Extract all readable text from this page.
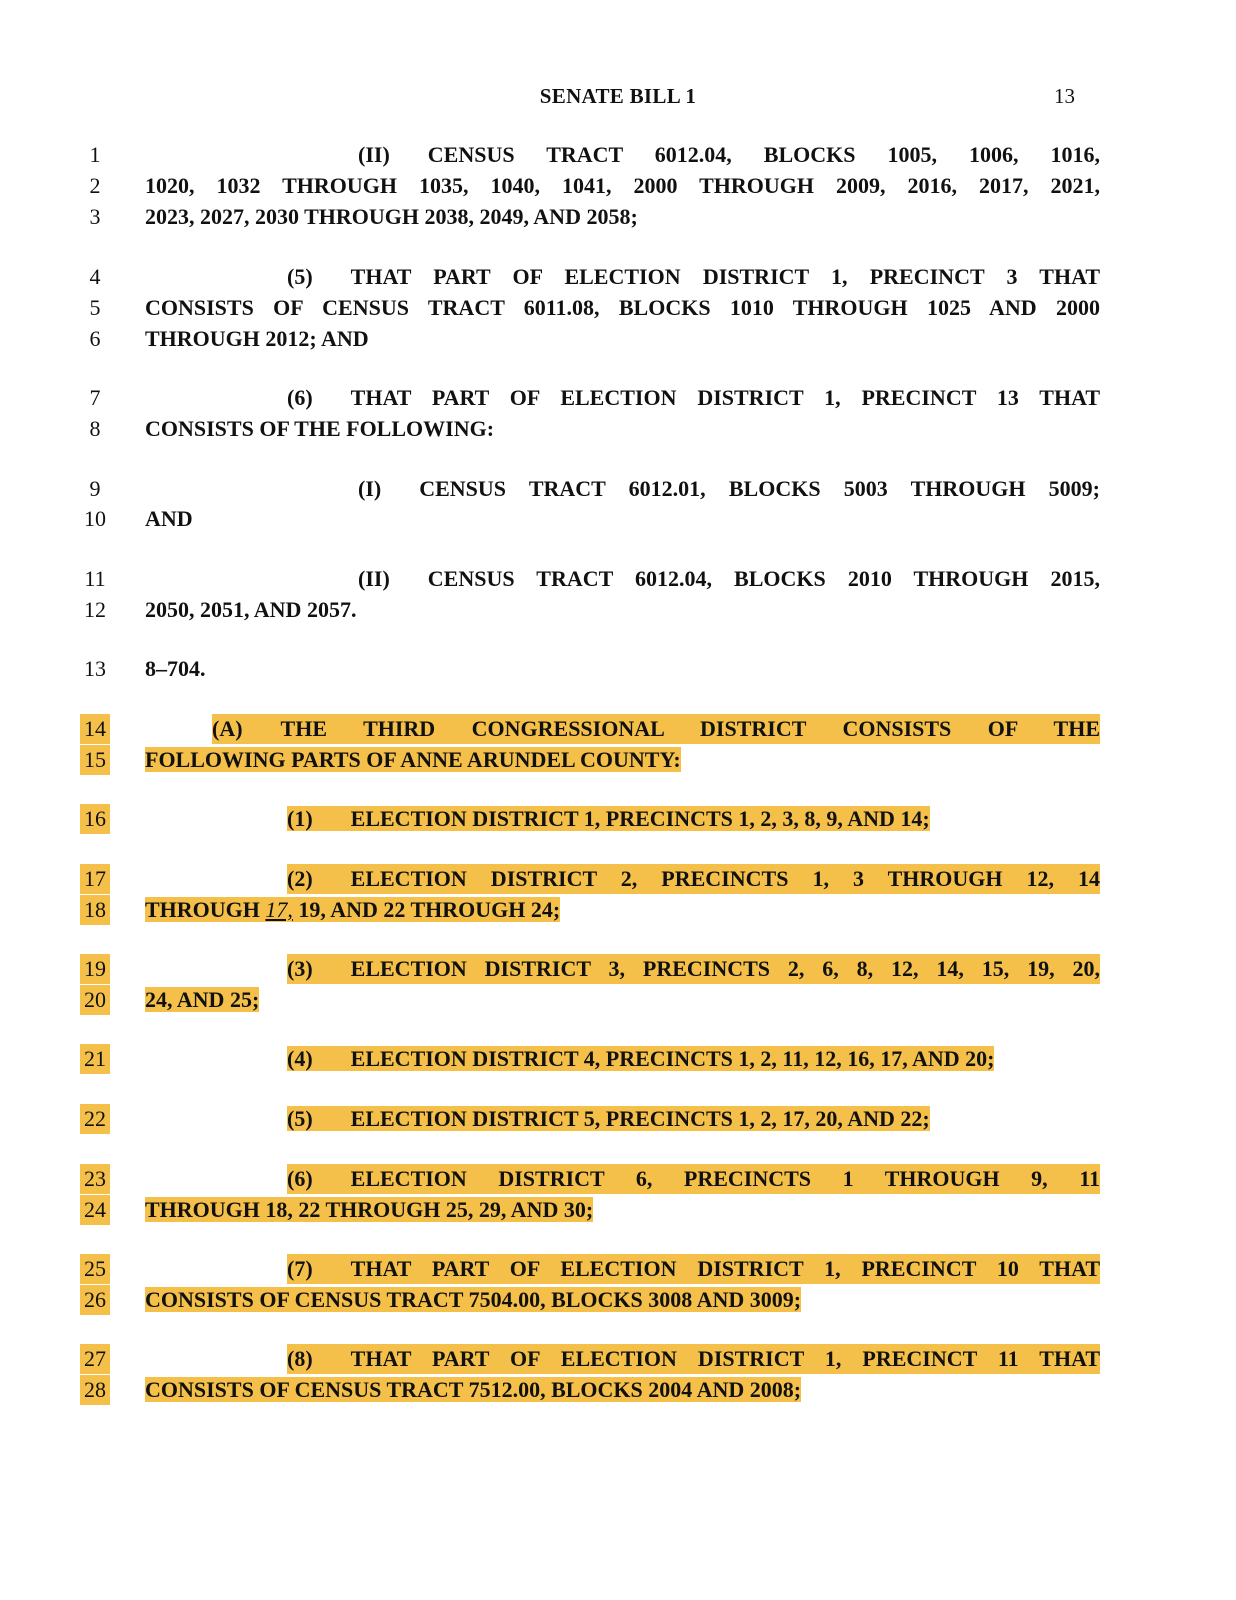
SENATE BILL 1	13
1
2
3
4
5
6
7
8
9
10
11
12
13
14
15
16
17
18
19
20
21
22
23
24
25
26
27
28
(II) CENSUS TRACT 6012.04, BLOCKS 1005, 1006, 1016,
1020, 1032 THROUGH 1035, 1040, 1041, 2000 THROUGH 2009, 2016, 2017, 2021,
2023, 2027, 2030 THROUGH 2038, 2049, AND 2058;
(5) THAT PART OF ELECTION DISTRICT 1, PRECINCT 3 THAT
CONSISTS OF CENSUS TRACT 6011.08, BLOCKS 1010 THROUGH 1025 AND 2000
THROUGH 2012; AND
(6) THAT PART OF ELECTION DISTRICT 1, PRECINCT 13 THAT
CONSISTS OF THE FOLLOWING:
(I) CENSUS TRACT 6012.01, BLOCKS 5003 THROUGH 5009;
AND
(II) CENSUS TRACT 6012.04, BLOCKS 2010 THROUGH 2015,
2050, 2051, AND 2057.
8–704.
(A) THE THIRD CONGRESSIONAL DISTRICT CONSISTS OF THE
FOLLOWING PARTS OF ANNE ARUNDEL COUNTY:
(1) ELECTION DISTRICT 1, PRECINCTS 1, 2, 3, 8, 9, AND 14;
(2) ELECTION DISTRICT 2, PRECINCTS 1, 3 THROUGH 12, 14
THROUGH 17, 19, AND 22 THROUGH 24;
(3) ELECTION DISTRICT 3, PRECINCTS 2, 6, 8, 12, 14, 15, 19, 20,
24, AND 25;
(4) ELECTION DISTRICT 4, PRECINCTS 1, 2, 11, 12, 16, 17, AND 20;
(5) ELECTION DISTRICT 5, PRECINCTS 1, 2, 17, 20, AND 22;
(6) ELECTION DISTRICT 6, PRECINCTS 1 THROUGH 9, 11
THROUGH 18, 22 THROUGH 25, 29, AND 30;
(7) THAT PART OF ELECTION DISTRICT 1, PRECINCT 10 THAT
CONSISTS OF CENSUS TRACT 7504.00, BLOCKS 3008 AND 3009;
(8) THAT PART OF ELECTION DISTRICT 1, PRECINCT 11 THAT
CONSISTS OF CENSUS TRACT 7512.00, BLOCKS 2004 AND 2008;
